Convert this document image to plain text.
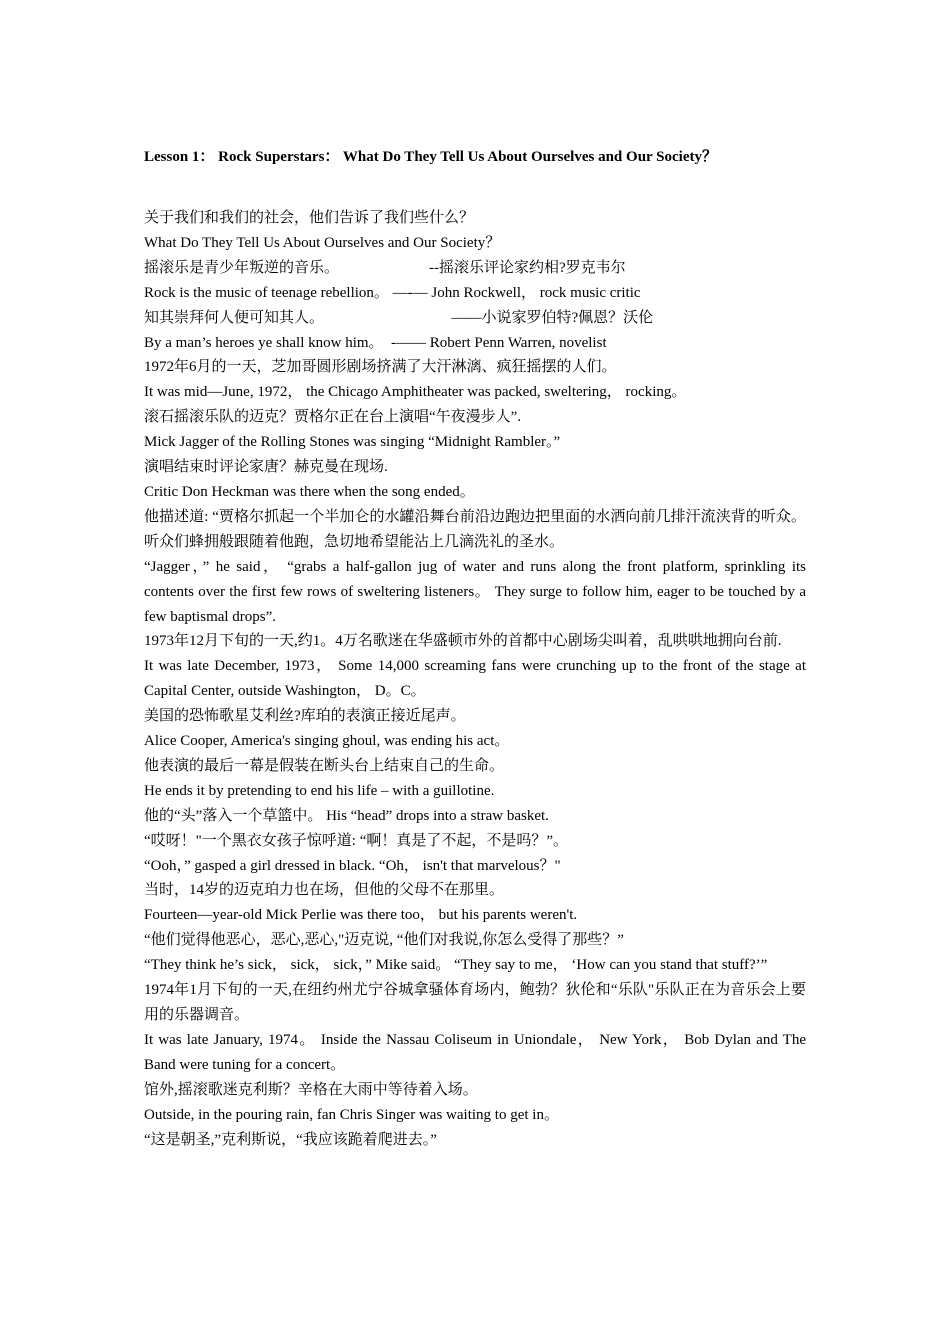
Lesson 1： Rock Superstars： What Do They Tell Us About Ourselves and Our Society？
关于我们和我们的社会，他们告诉了我们些什么？
What Do They Tell Us About Ourselves and Our Society？
摇滚乐是青少年叛逆的音乐。                        --摇滚乐评论家约相?罗克韦尔
Rock is the music of teenage rebellion。 —-— John Rockwell， rock music critic
知其崇拜何人便可知其人。                                  ——小说家罗伯特?佩恩？沃伦
By a man’s heroes ye shall know him。  -—— Robert Penn Warren, novelist
1972年6月的一天，芝加哥圆形剧场挤满了大汗淋漓、疯狂摇摆的人们。
It was mid—June, 1972， the Chicago Amphitheater was packed, sweltering， rocking。
滚石摇滚乐队的迈克？贾格尔正在台上演唱“午夜漫步人”.
Mick Jagger of the Rolling Stones was singing “Midnight Rambler。”
演唱结束时评论家唐？赫克曼在现场.
Critic Don Heckman was there when the song ended。
他描述道: “贾格尔抓起一个半加仑的水罐沿舞台前沿边跑边把里面的水洒向前几排汗流浃背的听众。听众们蜂拥般跟随着他跑，急切地希望能沾上几滴洗礼的圣水。
“Jagger，” he said， “grabs a half-gallon jug of water and runs along the front platform, sprinkling its contents over the first few rows of sweltering listeners。 They surge to follow him, eager to be touched by a few baptismal drops”.
1973年12月下旬的一天,约1。4万名歌迷在华盛顿市外的首都中心剧场尖叫着，乱哄哄地拥向台前.
It was late December, 1973， Some 14,000 screaming fans were crunching up to the front of the stage at Capital Center, outside Washington， D。C。
美国的恐怖歌星艾利丝?库珀的表演正接近尾声。
Alice Cooper, America's singing ghoul, was ending his act。
他表演的最后一幕是假装在断头台上结束自己的生命。
He ends it by pretending to end his life – with a guillotine.
他的“头”落入一个草篮中。 His “head” drops into a straw basket.
“哎呀！"一个黑衣女孩子惊呼道: “啊！真是了不起，不是吗？”。
“Ooh，” gasped a girl dressed in black. “Oh， isn't that marvelous？"
当时，14岁的迈克珀力也在场，但他的父母不在那里。
Fourteen—year-old Mick Perlie was there too， but his parents weren't.
“他们觉得他恶心，恶心,恶心,"迈克说, “他们对我说,你怎么受得了那些？”
“They think he’s sick， sick， sick，” Mike said。 “They say to me， ‘How can you stand that stuff?’”
1974年1月下旬的一天,在纽约州尤宁谷城拿骚体育场内，鲍勃？狄伦和“乐队"乐队正在为音乐会上要用的乐器调音。
It was late January, 1974。 Inside the Nassau Coliseum in Uniondale， New York， Bob Dylan and The Band were tuning for a concert。
馆外,摇滚歌迷克利斯？辛格在大雨中等待着入场。
Outside, in the pouring rain, fan Chris Singer was waiting to get in。
“这是朝圣,”克利斯说，“我应该跪着爬进去。”
